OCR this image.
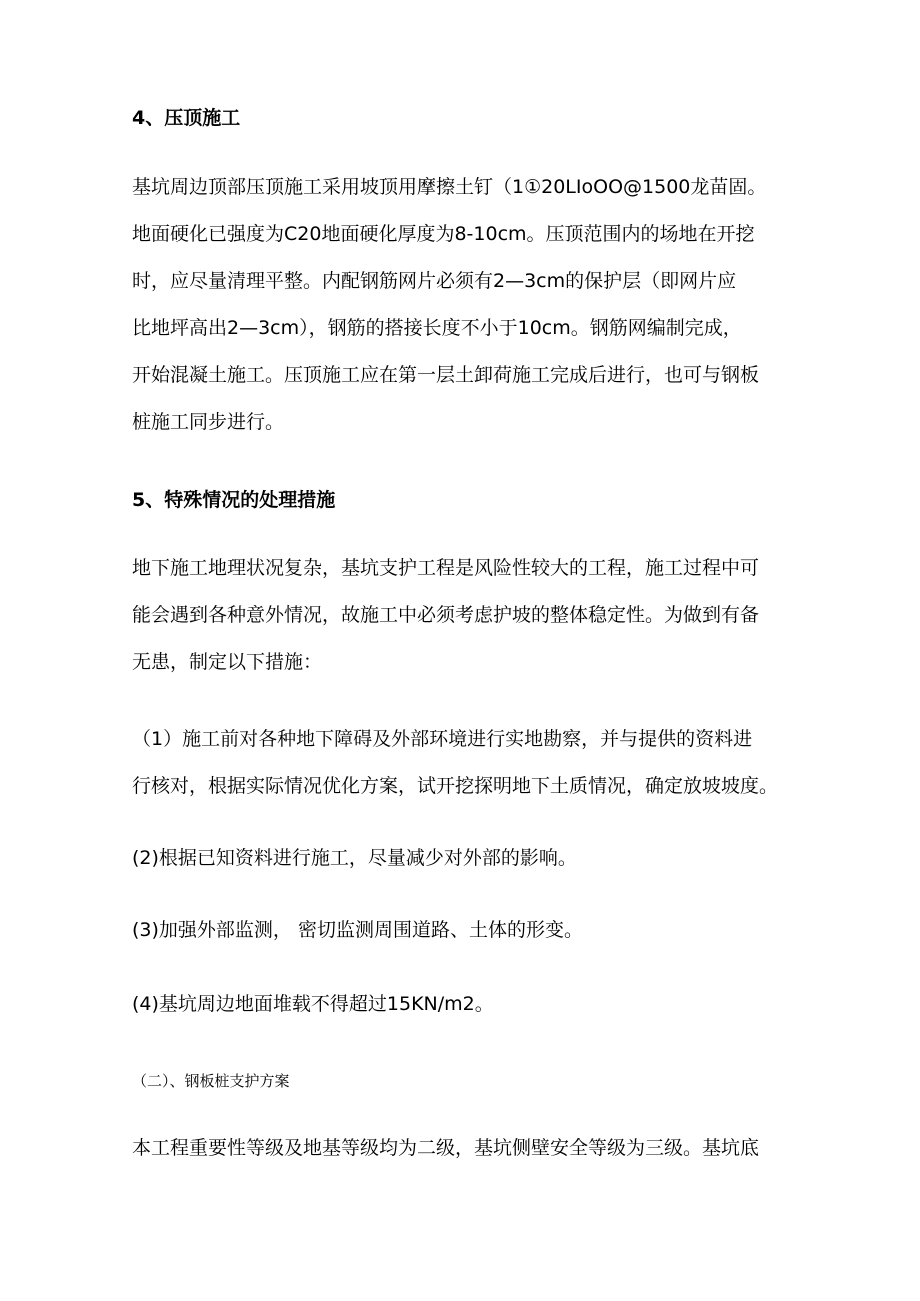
4、压顶施工
基坑周边顶部压顶施工采用坡顶用摩擦土钉（1①20LIoOO@1500龙苗固。
地面硬化已强度为C20地面硬化厚度为8-10cm。压顶范围内的场地在开挖
时，应尽量清理平整。内配钢筋网片必须有2—3cm的保护层（即网片应
比地坪高出2—3cm），钢筋的搭接长度不小于10cm。钢筋网编制完成，
开始混凝土施工。压顶施工应在第一层土卸荷施工完成后进行，也可与钢板
桩施工同步进行。
5、特殊情况的处理措施
地下施工地理状况复杂，基坑支护工程是风险性较大的工程，施工过程中可
能会遇到各种意外情况，故施工中必须考虑护坡的整体稳定性。为做到有备
无患，制定以下措施：
（1）施工前对各种地下障碍及外部环境进行实地勘察，并与提供的资料进
行核对，根据实际情况优化方案，试开挖探明地下土质情况，确定放坡坡度。
(2)根据已知资料进行施工，尽量减少对外部的影响。
(3)加强外部监测， 密切监测周围道路、土体的形变。
(4)基坑周边地面堆载不得超过15KN/m2。
（二）、钢板桩支护方案
本工程重要性等级及地基等级均为二级，基坑侧壁安全等级为三级。基坑底
